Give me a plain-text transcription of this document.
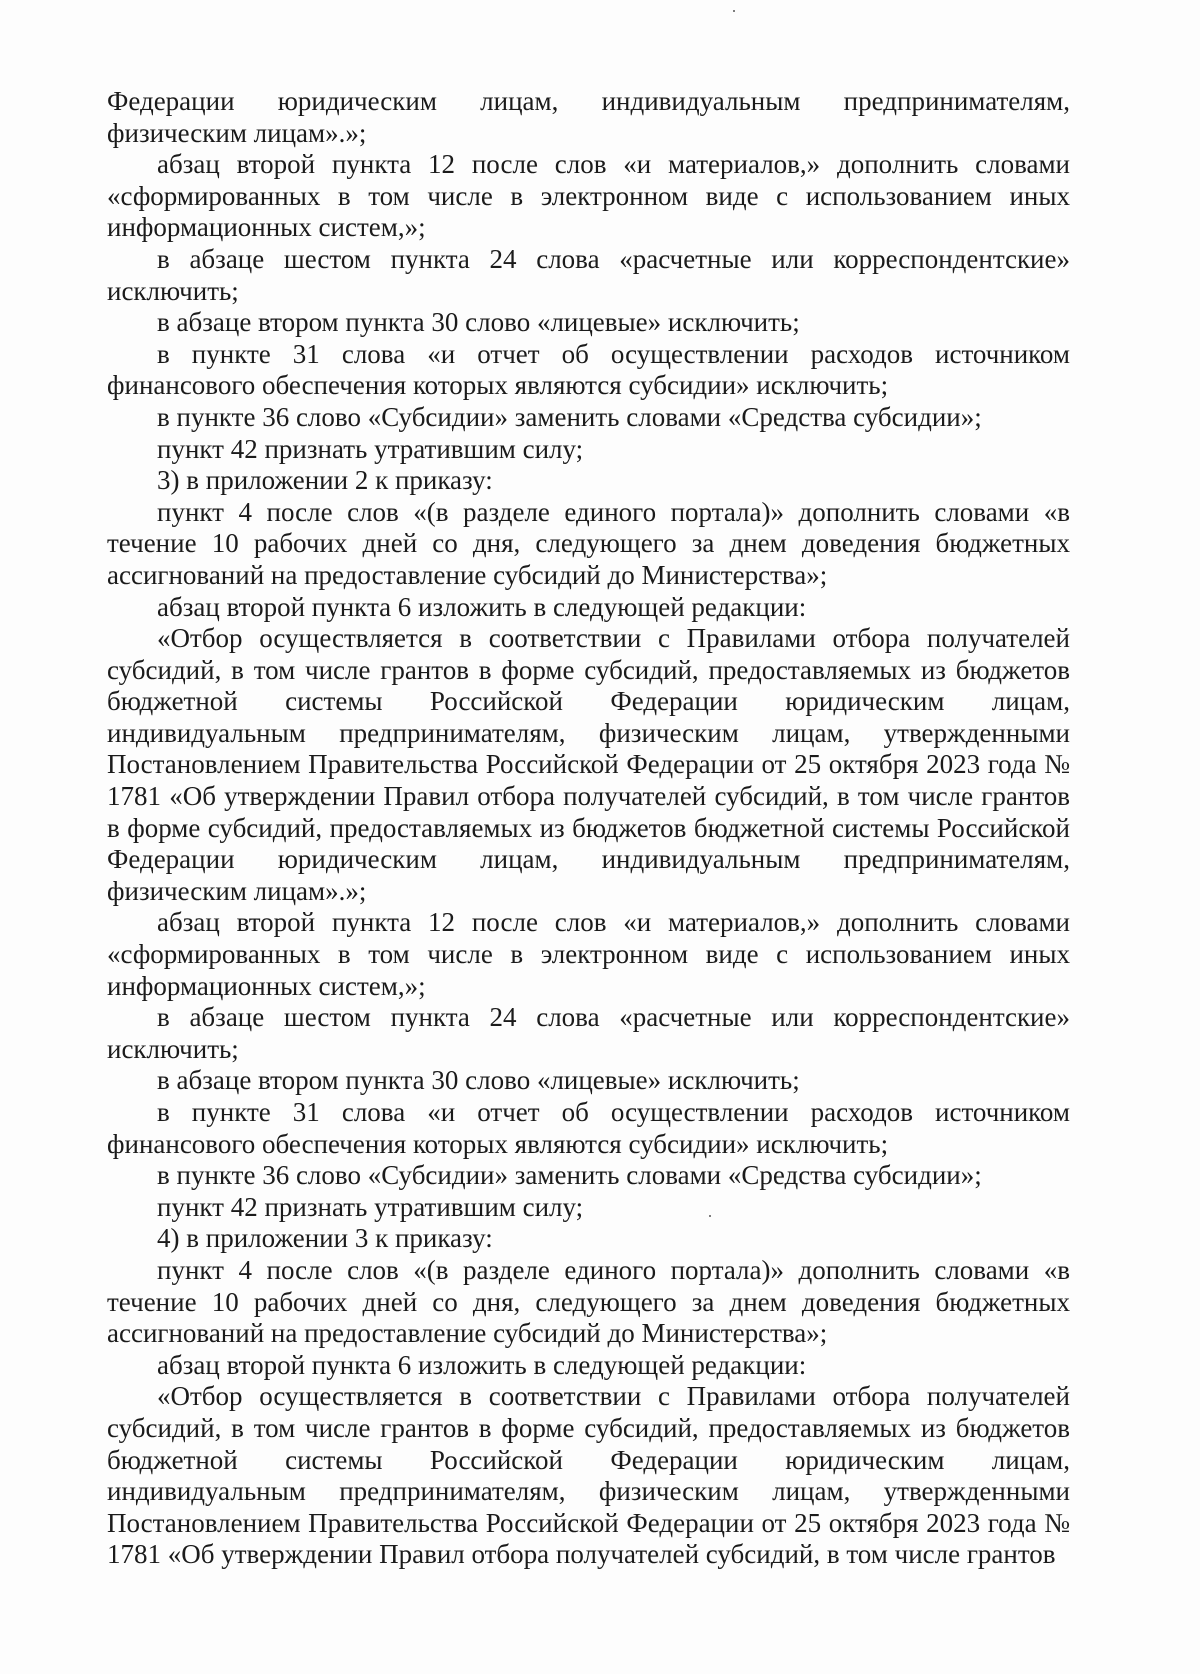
Федерации юридическим лицам, индивидуальным предпринимателям, физическим лицам».»;

абзац второй пункта 12 после слов «и материалов,» дополнить словами «сформированных в том числе в электронном виде с использованием иных информационных систем,»;

в абзаце шестом пункта 24 слова «расчетные или корреспондентские» исключить;

в абзаце втором пункта 30 слово «лицевые» исключить;

в пункте 31 слова «и отчет об осуществлении расходов источником финансового обеспечения которых являются субсидии» исключить;

в пункте 36 слово «Субсидии» заменить словами «Средства субсидии»;

пункт 42 признать утратившим силу;

3) в приложении 2 к приказу:

пункт 4 после слов «(в разделе единого портала)» дополнить словами «в течение 10 рабочих дней со дня, следующего за днем доведения бюджетных ассигнований на предоставление субсидий до Министерства»;

абзац второй пункта 6 изложить в следующей редакции:

«Отбор осуществляется в соответствии с Правилами отбора получателей субсидий, в том числе грантов в форме субсидий, предоставляемых из бюджетов бюджетной системы Российской Федерации юридическим лицам, индивидуальным предпринимателям, физическим лицам, утвержденными Постановлением Правительства Российской Федерации от 25 октября 2023 года № 1781 «Об утверждении Правил отбора получателей субсидий, в том числе грантов в форме субсидий, предоставляемых из бюджетов бюджетной системы Российской Федерации юридическим лицам, индивидуальным предпринимателям, физическим лицам».»;

абзац второй пункта 12 после слов «и материалов,» дополнить словами «сформированных в том числе в электронном виде с использованием иных информационных систем,»;

в абзаце шестом пункта 24 слова «расчетные или корреспондентские» исключить;

в абзаце втором пункта 30 слово «лицевые» исключить;

в пункте 31 слова «и отчет об осуществлении расходов источником финансового обеспечения которых являются субсидии» исключить;

в пункте 36 слово «Субсидии» заменить словами «Средства субсидии»;

пункт 42 признать утратившим силу;

4) в приложении 3 к приказу:

пункт 4 после слов «(в разделе единого портала)» дополнить словами «в течение 10 рабочих дней со дня, следующего за днем доведения бюджетных ассигнований на предоставление субсидий до Министерства»;

абзац второй пункта 6 изложить в следующей редакции:

«Отбор осуществляется в соответствии с Правилами отбора получателей субсидий, в том числе грантов в форме субсидий, предоставляемых из бюджетов бюджетной системы Российской Федерации юридическим лицам, индивидуальным предпринимателям, физическим лицам, утвержденными Постановлением Правительства Российской Федерации от 25 октября 2023 года № 1781 «Об утверждении Правил отбора получателей субсидий, в том числе грантов
